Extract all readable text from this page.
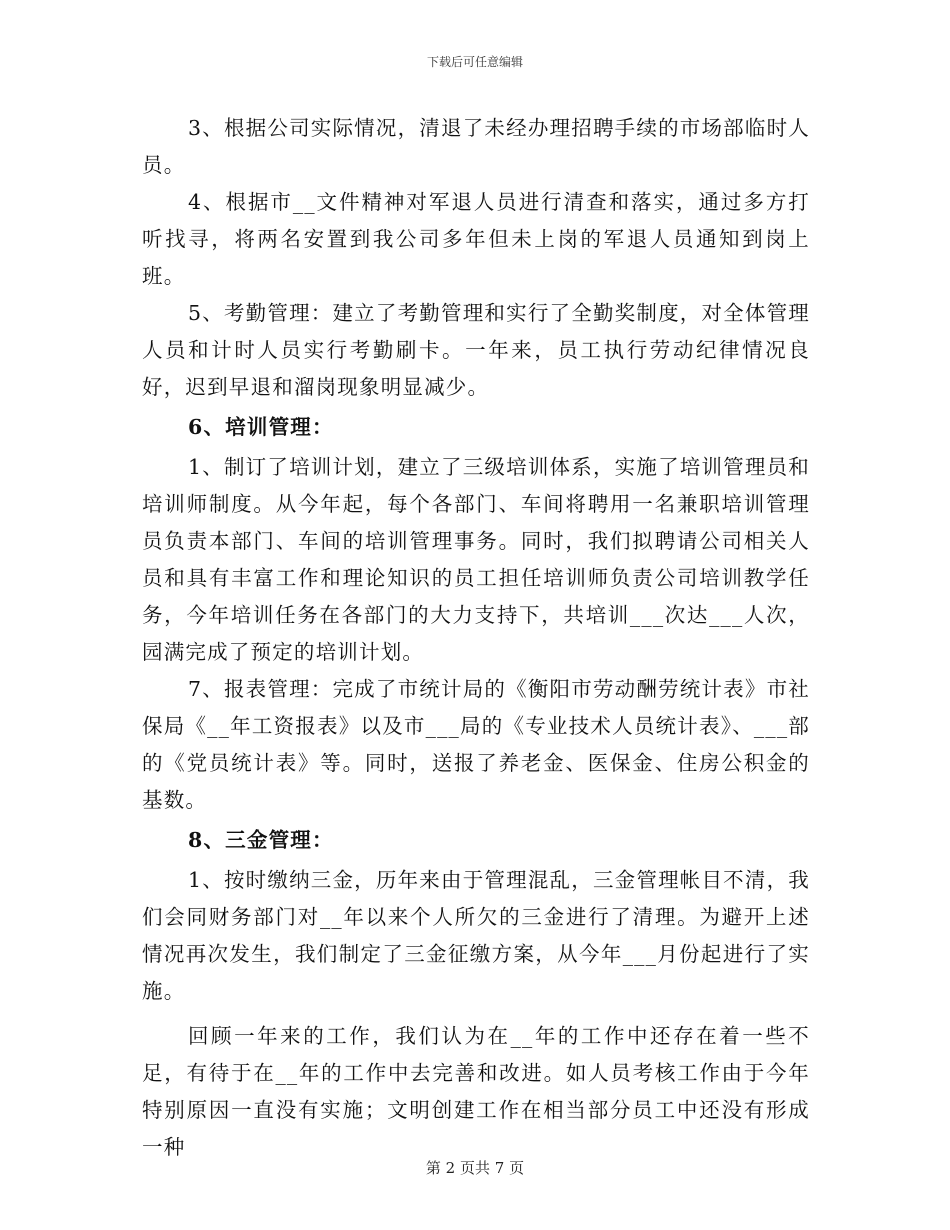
下载后可任意编辑

3、根据公司实际情况，清退了未经办理招聘手续的市场部临时人员。

4、根据市__文件精神对军退人员进行清查和落实，通过多方打听找寻，将两名安置到我公司多年但未上岗的军退人员通知到岗上班。

5、考勤管理：建立了考勤管理和实行了全勤奖制度，对全体管理人员和计时人员实行考勤刷卡。一年来，员工执行劳动纪律情况良好，迟到早退和溜岗现象明显减少。

6、培训管理：

1、制订了培训计划，建立了三级培训体系，实施了培训管理员和培训师制度。从今年起，每个各部门、车间将聘用一名兼职培训管理员负责本部门、车间的培训管理事务。同时，我们拟聘请公司相关人员和具有丰富工作和理论知识的员工担任培训师负责公司培训教学任务，今年培训任务在各部门的大力支持下，共培训___次达___人次，园满完成了预定的培训计划。

7、报表管理：完成了市统计局的《衡阳市劳动酬劳统计表》市社保局《__年工资报表》以及市___局的《专业技术人员统计表》、___部的《党员统计表》等。同时，送报了养老金、医保金、住房公积金的基数。

8、三金管理：

1、按时缴纳三金，历年来由于管理混乱，三金管理帐目不清，我们会同财务部门对__年以来个人所欠的三金进行了清理。为避开上述情况再次发生，我们制定了三金征缴方案，从今年___月份起进行了实施。

回顾一年来的工作，我们认为在__年的工作中还存在着一些不足，有待于在__年的工作中去完善和改进。如人员考核工作由于今年特别原因一直没有实施；文明创建工作在相当部分员工中还没有形成一种

第 2 页共 7 页
